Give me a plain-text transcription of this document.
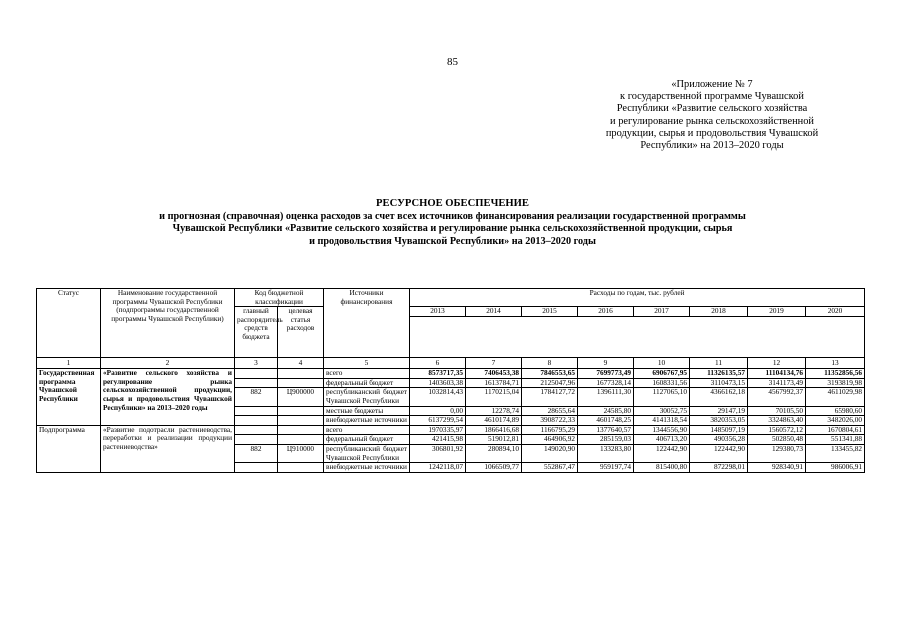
85
«Приложение № 7
к государственной программе Чувашской
Республики «Развитие сельского хозяйства
и регулирование рынка сельскохозяйственной
продукции, сырья и продовольствия Чувашской
Республики» на 2013–2020 годы
РЕСУРСНОЕ ОБЕСПЕЧЕНИЕ
и прогнозная (справочная) оценка расходов за счет всех источников финансирования реализации государственной программы
Чувашской Республики «Развитие сельского хозяйства и регулирование рынка сельскохозяйственной продукции, сырья
и продовольствия Чувашской Республики» на 2013–2020 годы
Статус	Наименование государственной программы Чувашской Республики (подпрограммы государственной программы Чувашской Республики)	Код бюджетной классификации		Источники финансирования	Расходы по годам, тыс. рублей							
		главный распорядитель средств бюджета	целевая статья расходов		2013	2014	2015	2016	2017	2018	2019	2020

1	2	3	4	5	6	7	8	9	10	11	12	13
Государственная программа Чувашской Республики	«Развитие сельского хозяйства и регулирование рынка сельскохозяйственной продукции, сырья и продовольствия Чувашской Республики» на 2013–2020 годы			всего	8573717,35	7406453,38	7846553,65	7699773,49	6906767,95	11326135,57	11104134,76	11352856,56
				федеральный бюджет	1403603,38	1613784,71	2125047,96	1677328,14	1608331,56	3110473,15	3141173,49	3193819,98
		882	Ц900000	республиканский бюджет Чувашской Республики	1032814,43	1170215,04	1784127,72	1396111,30	1127065,10	4366162,18	4567992,37	4611029,98
				местные бюджеты	0,00	12278,74	28655,64	24585,80	30052,75	29147,19	70105,50	65980,60
				внебюджетные источники	6137299,54	4610174,89	3908722,33	4601748,25	4141318,54	3820353,05	3324863,40	3482026,00
Подпрограмма	«Развитие подотрасли растениеводства, переработки и реализации продукции растениеводства»			всего	1970335,97	1866416,68	1166795,29	1377640,57	1344556,90	1485097,19	1560572,12	1670804,61
				федеральный бюджет	421415,98	519012,81	464906,92	285159,03	406713,20	490356,28	502850,48	551341,88
		882	Ц910000	республиканский бюджет Чувашской Республики	306801,92	280894,10	149020,90	133283,80	122442,90	122442,90	129380,73	133455,82
				внебюджетные источники	1242118,07	1066509,77	552867,47	959197,74	815400,80	872298,01	928340,91	986006,91
